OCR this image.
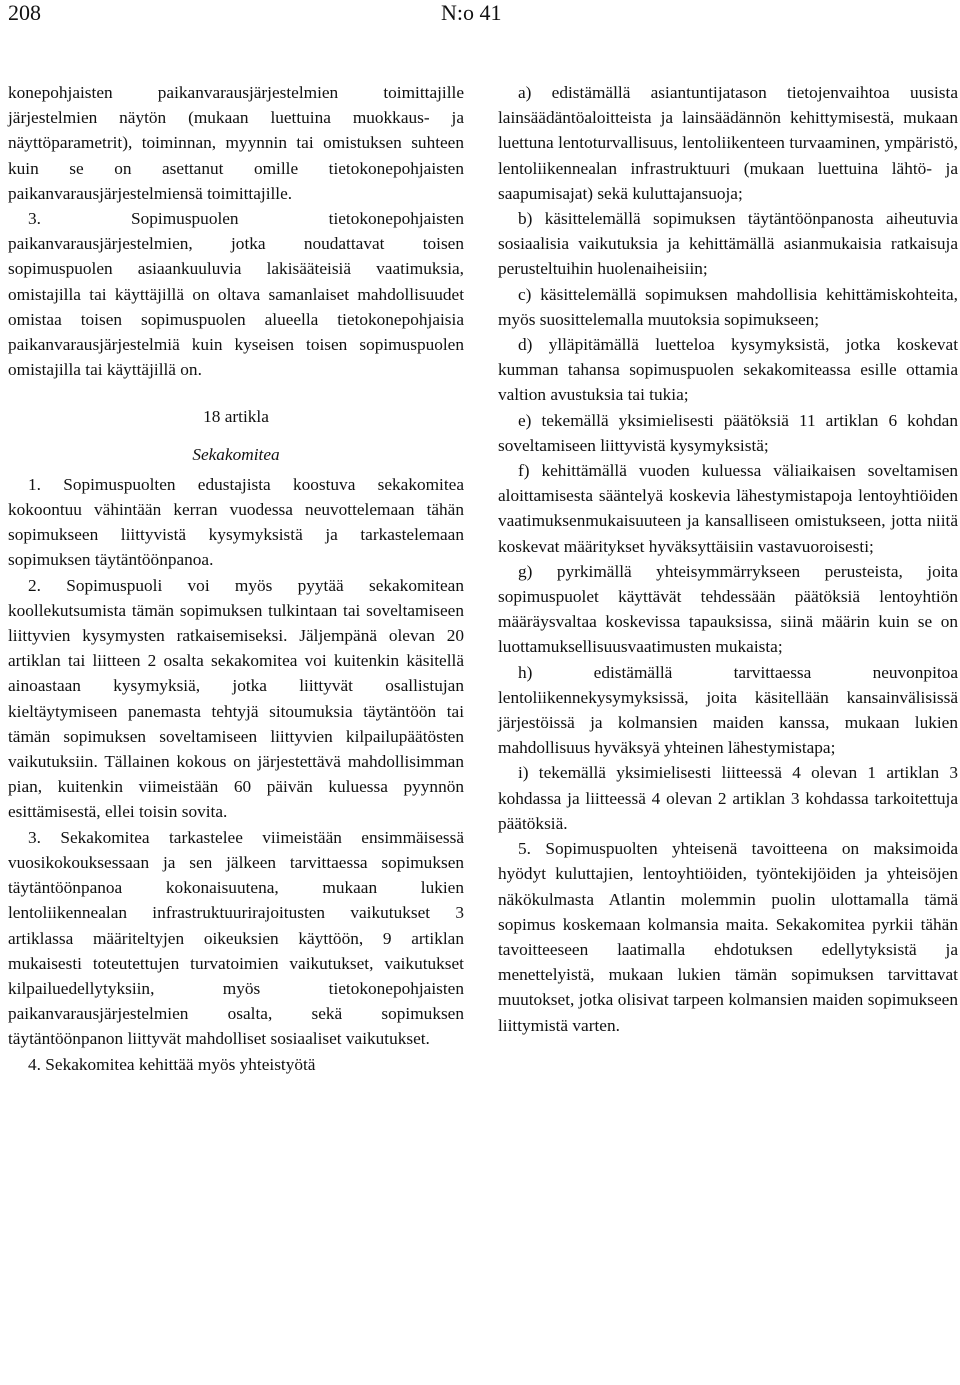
208	N:o 41

konepohjaisten paikanvarausjärjestelmien toimittajille järjestelmien näytön (mukaan luettuina muokkaus- ja näyttöparametrit), toiminnan, myynnin tai omistuksen suhteen kuin se on asettanut omille tietokonepohjaisten paikanvarausjärjestelmiensä toimittajille.

3. Sopimuspuolen tietokonepohjaisten paikanvarausjärjestelmien, jotka noudattavat toisen sopimuspuolen asiaankuuluvia lakisääteisiä vaatimuksia, omistajilla tai käyttäjillä on oltava samanlaiset mahdollisuudet omistaa toisen sopimuspuolen alueella tietokonepohjaisia paikanvarausjärjestelmiä kuin kyseisen toisen sopimuspuolen omistajilla tai käyttäjillä on.

18 artikla

Sekakomitea

1. Sopimuspuolten edustajista koostuva sekakomitea kokoontuu vähintään kerran vuodessa neuvottelemaan tähän sopimukseen liittyvistä kysymyksistä ja tarkastelemaan sopimuksen täytäntöönpanoa.

2. Sopimuspuoli voi myös pyytää sekakomitean koollekutsumista tämän sopimuksen tulkintaan tai soveltamiseen liittyvien kysymysten ratkaisemiseksi. Jäljempänä olevan 20 artiklan tai liitteen 2 osalta sekakomitea voi kuitenkin käsitellä ainoastaan kysymyksiä, jotka liittyvät osallistujan kieltäytymiseen panemasta tehtyjä sitoumuksia täytäntöön tai tämän sopimuksen soveltamiseen liittyvien kilpailupäätösten vaikutuksiin. Tällainen kokous on järjestettävä mahdollisimman pian, kuitenkin viimeistään 60 päivän kuluessa pyynnön esittämisestä, ellei toisin sovita.

3. Sekakomitea tarkastelee viimeistään ensimmäisessä vuosikokouksessaan ja sen jälkeen tarvittaessa sopimuksen täytäntöönpanoa kokonaisuutena, mukaan lukien lentoliikennealan infrastruktuurirajoitusten vaikutukset 3 artiklassa määriteltyjen oikeuksien käyttöön, 9 artiklan mukaisesti toteutettujen turvatoimien vaikutukset, vaikutukset kilpailuedellytyksiin, myös tietokonepohjaisten paikanvarausjärjestelmien osalta, sekä sopimuksen täytäntöönpanon liittyvät mahdolliset sosiaaliset vaikutukset.

4. Sekakomitea kehittää myös yhteistyötä

a) edistämällä asiantuntijatason tietojenvaihtoa uusista lainsäädäntöaloitteista ja lainsäädännön kehittymisestä, mukaan luettuna lentoturvallisuus, lentoliikenteen turvaaminen, ympäristö, lentoliikennealan infrastruktuuri (mukaan luettuina lähtö- ja saapumisajat) sekä kuluttajansuoja;

b) käsittelemällä sopimuksen täytäntöönpanosta aiheutuvia sosiaalisia vaikutuksia ja kehittämällä asianmukaisia ratkaisuja perusteltuihin huolenaiheisiin;

c) käsittelemällä sopimuksen mahdollisia kehittämiskohteita, myös suosittelemalla muutoksia sopimukseen;

d) ylläpitämällä luetteloa kysymyksistä, jotka koskevat kumman tahansa sopimuspuolen sekakomiteassa esille ottamia valtion avustuksia tai tukia;

e) tekemällä yksimielisesti päätöksiä 11 artiklan 6 kohdan soveltamiseen liittyvistä kysymyksistä;

f) kehittämällä vuoden kuluessa väliaikaisen soveltamisen aloittamisesta sääntelyä koskevia lähestymistapoja lentoyhtiöiden vaatimuksenmukaisuuteen ja kansalliseen omistukseen, jotta niitä koskevat määritykset hyväksyttäisiin vastavuoroisesti;

g) pyrkimällä yhteisymmärrykseen perusteista, joita sopimuspuolet käyttävät tehdessään päätöksiä lentoyhtiön määräysvaltaa koskevissa tapauksissa, siinä määrin kuin se on luottamuksellisuusvaatimusten mukaista;

h) edistämällä tarvittaessa neuvonpitoa lentoliikennekysymyksissä, joita käsitellään kansainvälisissä järjestöissä ja kolmansien maiden kanssa, mukaan lukien mahdollisuus hyväksyä yhteinen lähestymistapa;

i) tekemällä yksimielisesti liitteessä 4 olevan 1 artiklan 3 kohdassa ja liitteessä 4 olevan 2 artiklan 3 kohdassa tarkoitettuja päätöksiä.

5. Sopimuspuolten yhteisenä tavoitteena on maksimoida hyödyt kuluttajien, lentoyhtiöiden, työntekijöiden ja yhteisöjen näkökulmasta Atlantin molemmin puolin ulottamalla tämä sopimus koskemaan kolmansia maita. Sekakomitea pyrkii tähän tavoitteeseen laatimalla ehdotuksen edellytyksistä ja menettelyistä, mukaan lukien tämän sopimuksen tarvittavat muutokset, jotka olisivat tarpeen kolmansien maiden sopimukseen liittymistä varten.
